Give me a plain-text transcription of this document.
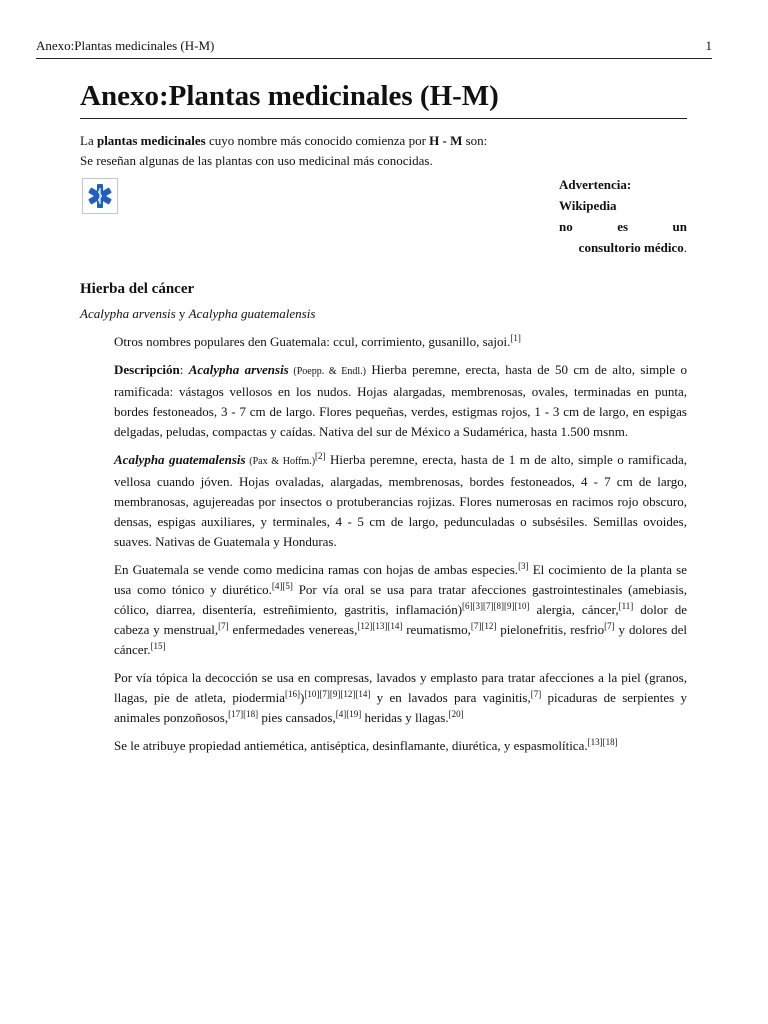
Anexo:Plantas medicinales (H-M)	1
Anexo:Plantas medicinales (H-M)

La plantas medicinales cuyo nombre más conocido comienza por H - M son:

Se reseñan algunas de las plantas con uso medicinal más conocidas.

Advertencia:
Wikipedia
no es un
consultorio médico.
Hierba del cáncer

Acalypha arvensis y Acalypha guatemalensis

Otros nombres populares den Guatemala: ccul, corrimiento, gusanillo, sajoi.[1]

Descripción: Acalypha arvensis (Poepp. & Endl.) Hierba peremne, erecta, hasta de 50 cm de alto, simple o ramificada: vástagos vellosos en los nudos. Hojas alargadas, membrenosas, ovales, terminadas en punta, bordes festoneados, 3 - 7 cm de largo. Flores pequeñas, verdes, estigmas rojos, 1 - 3 cm de largo, en espigas delgadas, peludas, compactas y caídas. Nativa del sur de México a Sudamérica, hasta 1.500 msnm.

Acalypha guatemalensis (Pax & Hoffm.)[2] Hierba peremne, erecta, hasta de 1 m de alto, simple o ramificada, vellosa cuando jóven. Hojas ovaladas, alargadas, membrenosas, bordes festoneados, 4 - 7 cm de largo, membranosas, agujereadas por insectos o protuberancias rojizas. Flores numerosas en racimos rojo obscuro, densas, espigas auxiliares, y terminales, 4 - 5 cm de largo, pedunculadas o subsésiles. Semillas ovoides, suaves. Nativas de Guatemala y Honduras.

En Guatemala se vende como medicina ramas con hojas de ambas especies.[3] El cocimiento de la planta se usa como tónico y diurético.[4][5] Por vía oral se usa para tratar afecciones gastrointestinales (amebiasis, cólico, diarrea, disentería, estreñimiento, gastritis, inflamación)[6][3][7][8][9][10] alergia, cáncer,[11] dolor de cabeza y menstrual,[7] enfermedades venereas,[12][13][14] reumatismo,[7][12] pielonefritis, resfrio[7] y dolores del cáncer.[15]

Por vía tópica la decocción se usa en compresas, lavados y emplasto para tratar afecciones a la piel (granos, llagas, pie de atleta, piodermia[16])[10][7][9][12][14] y en lavados para vaginitis,[7] picaduras de serpientes y animales ponzoñosos,[17][18] pies cansados,[4][19] heridas y llagas.[20]

Se le atribuye propiedad antiemética, antiséptica, desinflamante, diurética, y espasmolítica.[13][18]
